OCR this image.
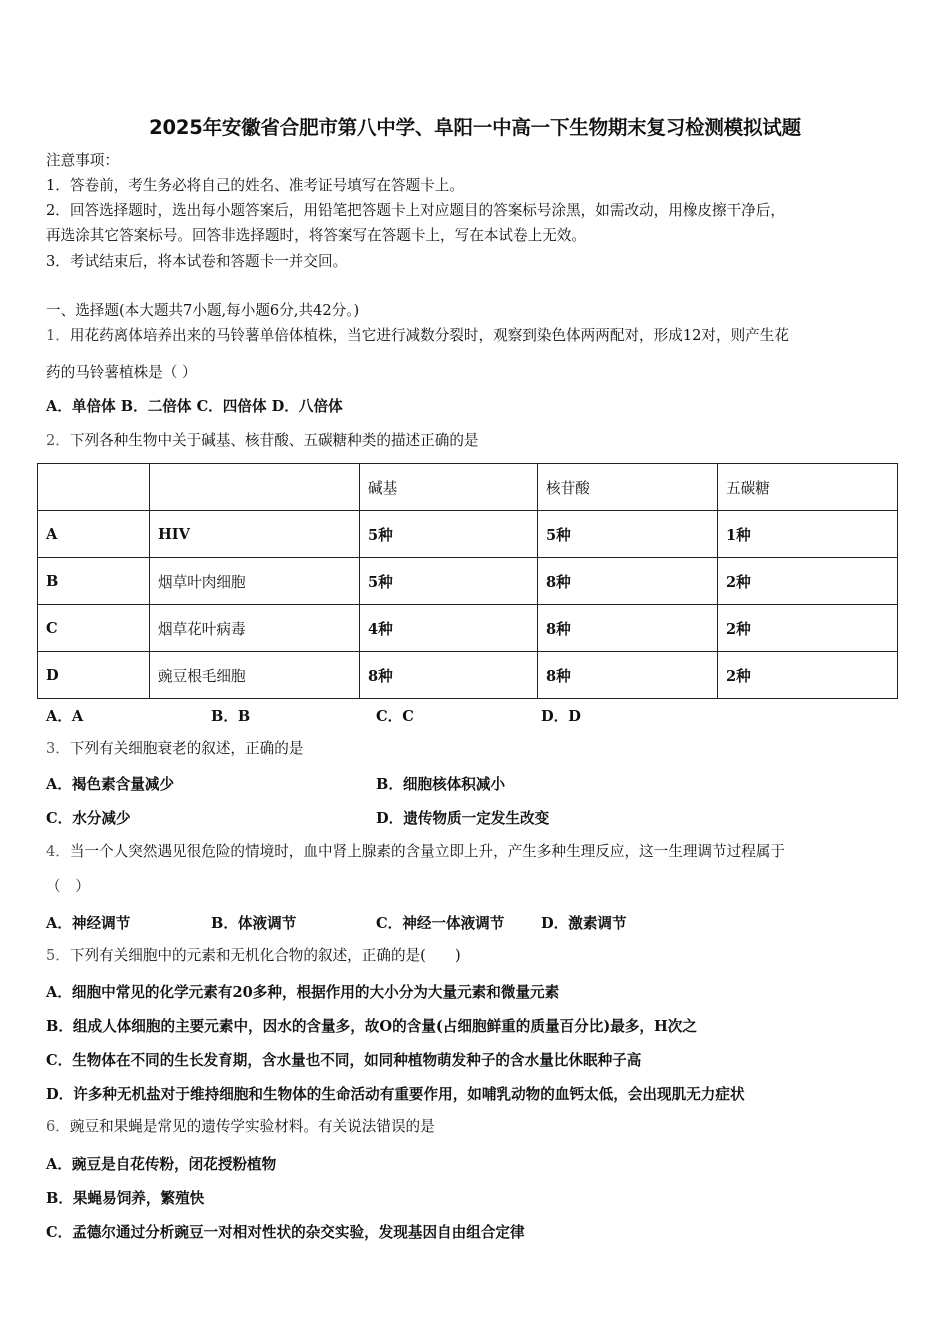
2025年安徽省合肥市第八中学、阜阳一中高一下生物期末复习检测模拟试题
注意事项：
1．答卷前，考生务必将自己的姓名、准考证号填写在答题卡上。
2．回答选择题时，选出每小题答案后，用铅笔把答题卡上对应题目的答案标号涂黑，如需改动，用橡皮擦干净后，
再选涂其它答案标号。回答非选择题时，将答案写在答题卡上，写在本试卷上无效。
3．考试结束后，将本试卷和答题卡一并交回。
一、选择题(本大题共7小题,每小题6分,共42分。)
1．用花药离体培养出来的马铃薯单倍体植株，当它进行减数分裂时，观察到染色体两两配对，形成12对，则产生花
药的马铃薯植株是（ ）
A．单倍体 B．二倍体 C．四倍体 D．八倍体
2．下列各种生物中关于碱基、核苷酸、五碳糖种类的描述正确的是
		碱基	核苷酸	五碳糖
A	HIV	5种	5种	1种
B	烟草叶肉细胞	5种	8种	2种
C	烟草花叶病毒	4种	8种	2种
D	豌豆根毛细胞	8种	8种	2种
A．A	B．B	C．C	D．D
3．下列有关细胞衰老的叙述，正确的是
A．褐色素含量减少	B．细胞核体积减小
C．水分减少	D．遗传物质一定发生改变
4．当一个人突然遇见很危险的情境时，血中肾上腺素的含量立即上升，产生多种生理反应，这一生理调节过程属于
（　）
A．神经调节	B．体液调节	C．神经一体液调节	D．激素调节
5．下列有关细胞中的元素和无机化合物的叙述，正确的是(　　)
A．细胞中常见的化学元素有20多种，根据作用的大小分为大量元素和微量元素
B．组成人体细胞的主要元素中，因水的含量多，故O的含量(占细胞鲜重的质量百分比)最多，H次之
C．生物体在不同的生长发育期，含水量也不同，如同种植物萌发种子的含水量比休眠种子高
D．许多种无机盐对于维持细胞和生物体的生命活动有重要作用，如哺乳动物的血钙太低，会出现肌无力症状
6．豌豆和果蝇是常见的遗传学实验材料。有关说法错误的是
A．豌豆是自花传粉，闭花授粉植物
B．果蝇易饲养，繁殖快
C．孟德尔通过分析豌豆一对相对性状的杂交实验，发现基因自由组合定律
